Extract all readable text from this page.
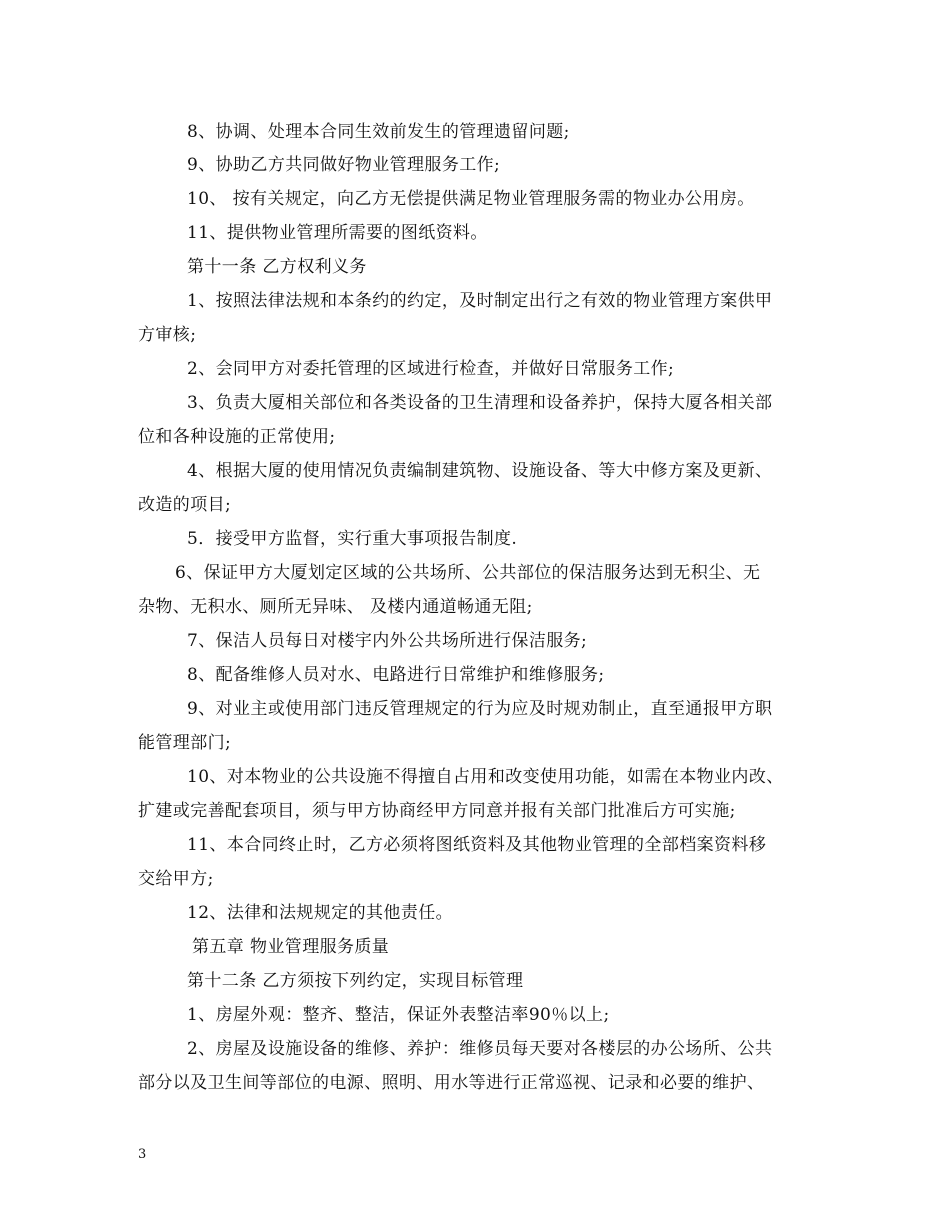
8、协调、处理本合同生效前发生的管理遗留问题;
9、协助乙方共同做好物业管理服务工作;
10、 按有关规定，向乙方无偿提供满足物业管理服务需的物业办公用房。
11、提供物业管理所需要的图纸资料。
第十一条 乙方权利义务
1、按照法律法规和本条约的约定，及时制定出行之有效的物业管理方案供甲
方审核;
2、会同甲方对委托管理的区域进行检查，并做好日常服务工作;
3、负责大厦相关部位和各类设备的卫生清理和设备养护，保持大厦各相关部
位和各种设施的正常使用;
4、根据大厦的使用情况负责编制建筑物、设施设备、等大中修方案及更新、
改造的项目;
5．接受甲方监督，实行重大事项报告制度.
6、保证甲方大厦划定区域的公共场所、公共部位的保洁服务达到无积尘、无
杂物、无积水、厕所无异味、 及楼内通道畅通无阻;
7、保洁人员每日对楼宇内外公共场所进行保洁服务;
8、配备维修人员对水、电路进行日常维护和维修服务;
9、对业主或使用部门违反管理规定的行为应及时规劝制止，直至通报甲方职
能管理部门;
10、对本物业的公共设施不得擅自占用和改变使用功能，如需在本物业内改、
扩建或完善配套项目，须与甲方协商经甲方同意并报有关部门批准后方可实施;
11、本合同终止时，乙方必须将图纸资料及其他物业管理的全部档案资料移
交给甲方;
12、法律和法规规定的其他责任。
第五章 物业管理服务质量
第十二条 乙方须按下列约定，实现目标管理
1、房屋外观：整齐、整洁，保证外表整洁率90％以上;
2、房屋及设施设备的维修、养护：维修员每天要对各楼层的办公场所、公共
部分以及卫生间等部位的电源、照明、用水等进行正常巡视、记录和必要的维护、
3
